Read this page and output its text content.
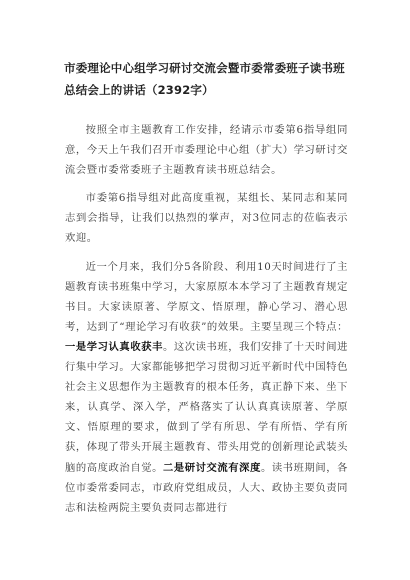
市委理论中心组学习研讨交流会暨市委常委班子读书班总结会上的讲话（2392字）

按照全市主题教育工作安排，经请示市委第6指导组同意，今天上午我们召开市委理论中心组（扩大）学习研讨交流会暨市委常委班子主题教育读书班总结会。

市委第6指导组对此高度重视，某组长、某同志和某同志到会指导，让我们以热烈的掌声，对3位同志的莅临表示欢迎。

近一个月来，我们分5各阶段、利用10天时间进行了主题教育读书班集中学习，大家原原本本学习了主题教育规定书目。大家读原著、学原文、悟原理，静心学习、潜心思考，达到了“理论学习有收获”的效果。主要呈现三个特点：一是学习认真收获丰。这次读书班，我们安排了十天时间进行集中学习。大家都能够把学习贯彻习近平新时代中国特色社会主义思想作为主题教育的根本任务，真正静下来、坐下来，认真学、深入学，严格落实了认认真真读原著、学原文、悟原理的要求，做到了学有所思、学有所悟、学有所获，体现了带头开展主题教育、带头用党的创新理论武装头脑的高度政治自觉。二是研讨交流有深度。读书班期间，各位市委常委同志，市政府党组成员，人大、政协主要负责同志和法检两院主要负责同志都进行
